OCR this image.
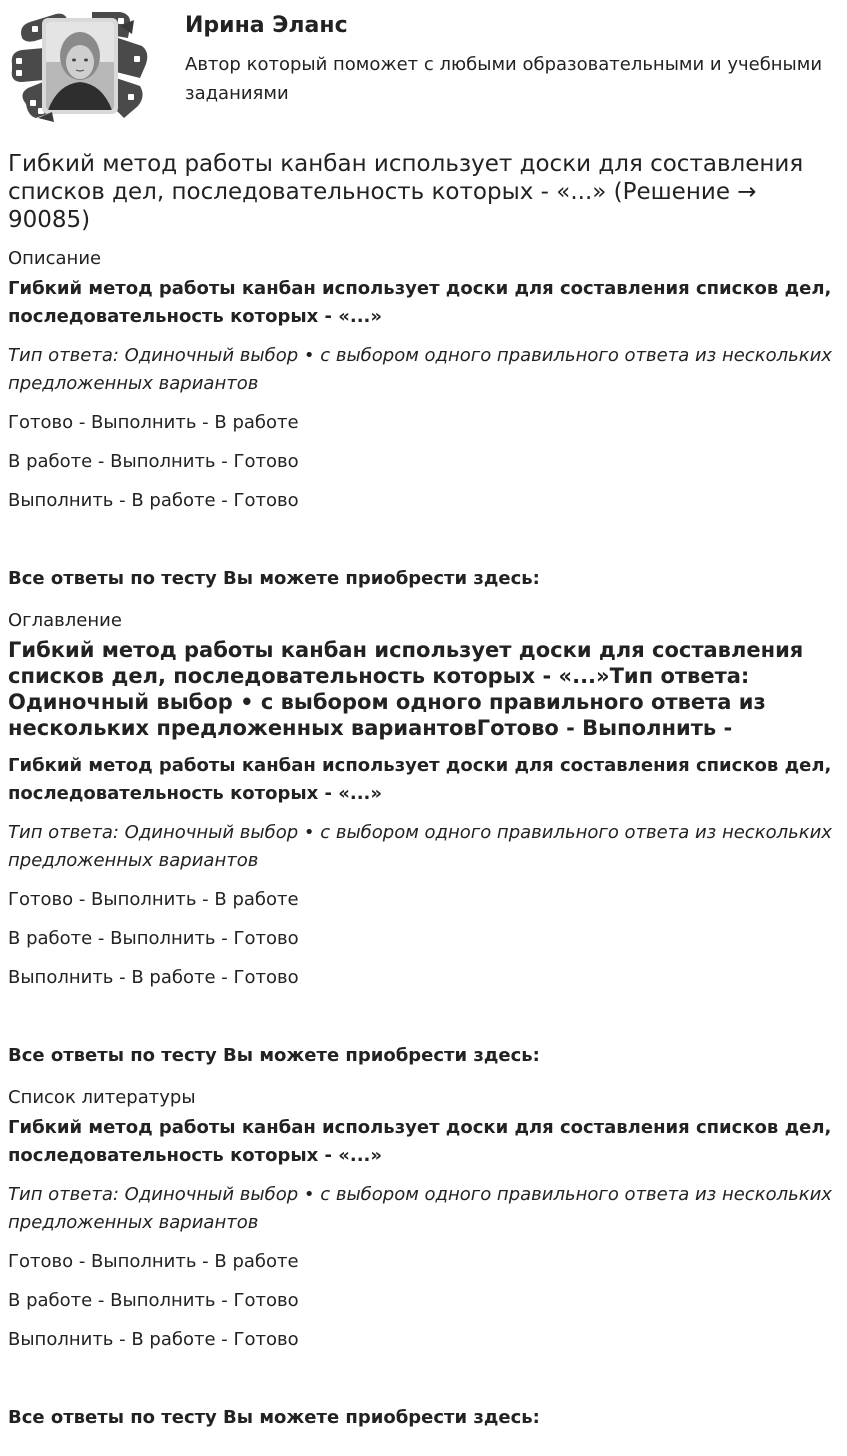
Ирина Эланс
Автор который поможет с любыми образовательными и учебными заданиями
Гибкий метод работы канбан использует доски для составления списков дел, последовательность которых - «...» (Решение → 90085)
Описание
Гибкий метод работы канбан использует доски для составления списков дел, последовательность которых - «...»
Тип ответа: Одиночный выбор • с выбором одного правильного ответа из нескольких предложенных вариантов
Готово - Выполнить - В работе
В работе - Выполнить - Готово
Выполнить - В работе - Готово
Все ответы по тесту Вы можете приобрести здесь:
Оглавление
Гибкий метод работы канбан использует доски для составления списков дел, последовательность которых - «...»Тип ответа: Одиночный выбор • с выбором одного правильного ответа из нескольких предложенных вариантовГотово - Выполнить -
Гибкий метод работы канбан использует доски для составления списков дел, последовательность которых - «...»
Тип ответа: Одиночный выбор • с выбором одного правильного ответа из нескольких предложенных вариантов
Готово - Выполнить - В работе
В работе - Выполнить - Готово
Выполнить - В работе - Готово
Все ответы по тесту Вы можете приобрести здесь:
Список литературы
Гибкий метод работы канбан использует доски для составления списков дел, последовательность которых - «...»
Тип ответа: Одиночный выбор • с выбором одного правильного ответа из нескольких предложенных вариантов
Готово - Выполнить - В работе
В работе - Выполнить - Готово
Выполнить - В работе - Готово
Все ответы по тесту Вы можете приобрести здесь:
